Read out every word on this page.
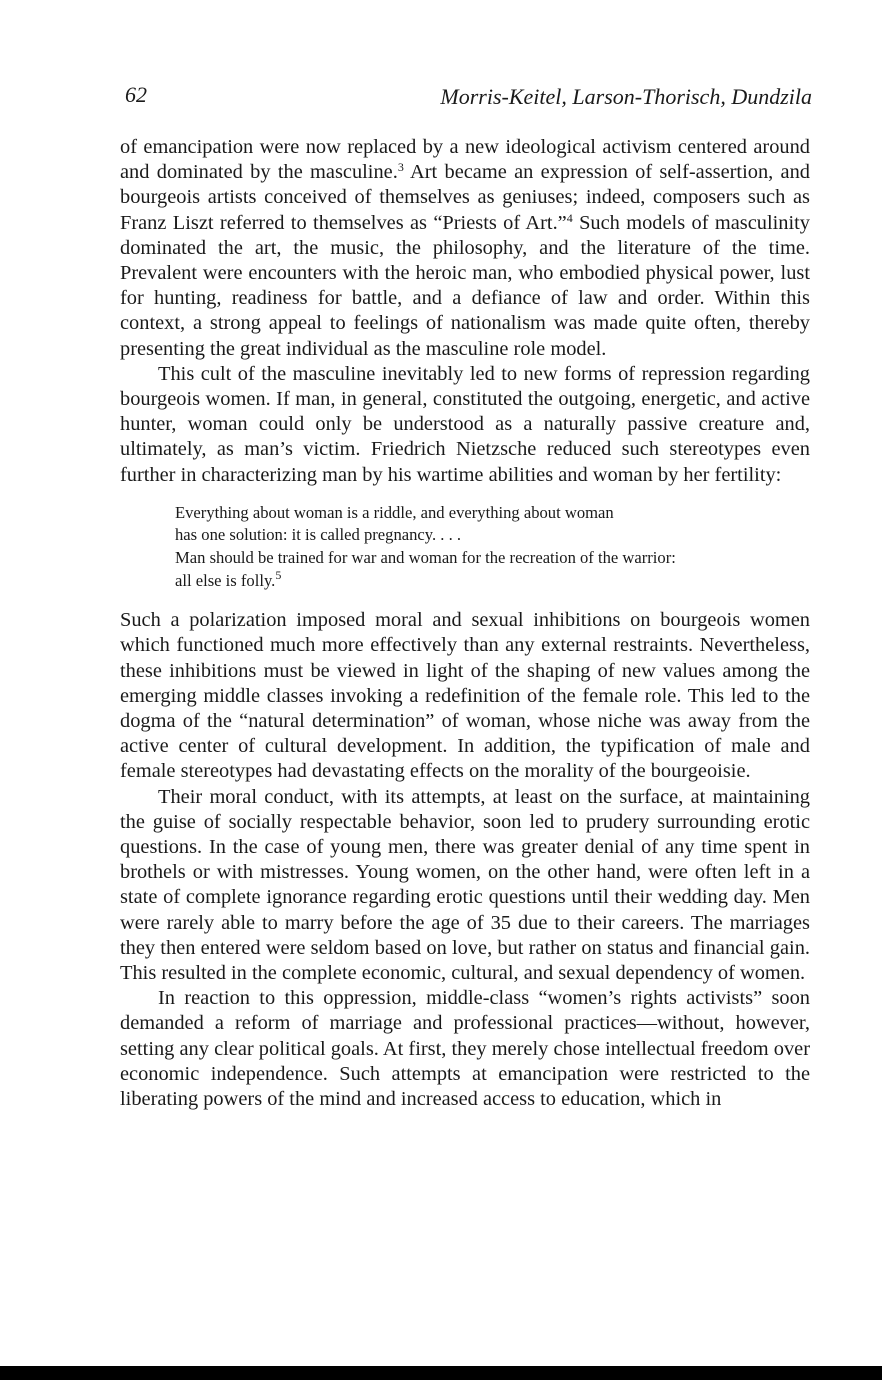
62	Morris-Keitel, Larson-Thorisch, Dundzila

of emancipation were now replaced by a new ideological activism centered around and dominated by the masculine.$^3$ Art became an expression of self-assertion, and bourgeois artists conceived of themselves as geniuses; indeed, composers such as Franz Liszt referred to themselves as “Priests of Art.”$^4$ Such models of masculinity dominated the art, the music, the philosophy, and the literature of the time. Prevalent were encounters with the heroic man, who embodied physical power, lust for hunting, readiness for battle, and a defiance of law and order. Within this context, a strong appeal to feelings of nationalism was made quite often, thereby presenting the great individual as the masculine role model.

This cult of the masculine inevitably led to new forms of repression regarding bourgeois women. If man, in general, constituted the outgoing, energetic, and active hunter, woman could only be understood as a naturally passive creature and, ultimately, as man’s victim. Friedrich Nietzsche reduced such stereotypes even further in characterizing man by his wartime abilities and woman by her fertility:

Everything about woman is a riddle, and everything about woman
has one solution: it is called pregnancy. . . .
Man should be trained for war and woman for the recreation of the warrior:
all else is folly.$^5$

Such a polarization imposed moral and sexual inhibitions on bourgeois women which functioned much more effectively than any external restraints. Nevertheless, these inhibitions must be viewed in light of the shaping of new values among the emerging middle classes invoking a redefinition of the female role. This led to the dogma of the “natural determination” of woman, whose niche was away from the active center of cultural development. In addition, the typification of male and female stereotypes had devastating effects on the morality of the bourgeoisie.

Their moral conduct, with its attempts, at least on the surface, at maintaining the guise of socially respectable behavior, soon led to prudery surrounding erotic questions. In the case of young men, there was greater denial of any time spent in brothels or with mistresses. Young women, on the other hand, were often left in a state of complete ignorance regarding erotic questions until their wedding day. Men were rarely able to marry before the age of 35 due to their careers. The marriages they then entered were seldom based on love, but rather on status and financial gain. This resulted in the complete economic, cultural, and sexual dependency of women.

In reaction to this oppression, middle-class “women’s rights activists” soon demanded a reform of marriage and professional practices—without, however, setting any clear political goals. At first, they merely chose intellectual freedom over economic independence. Such attempts at emancipation were restricted to the liberating powers of the mind and increased access to education, which in
